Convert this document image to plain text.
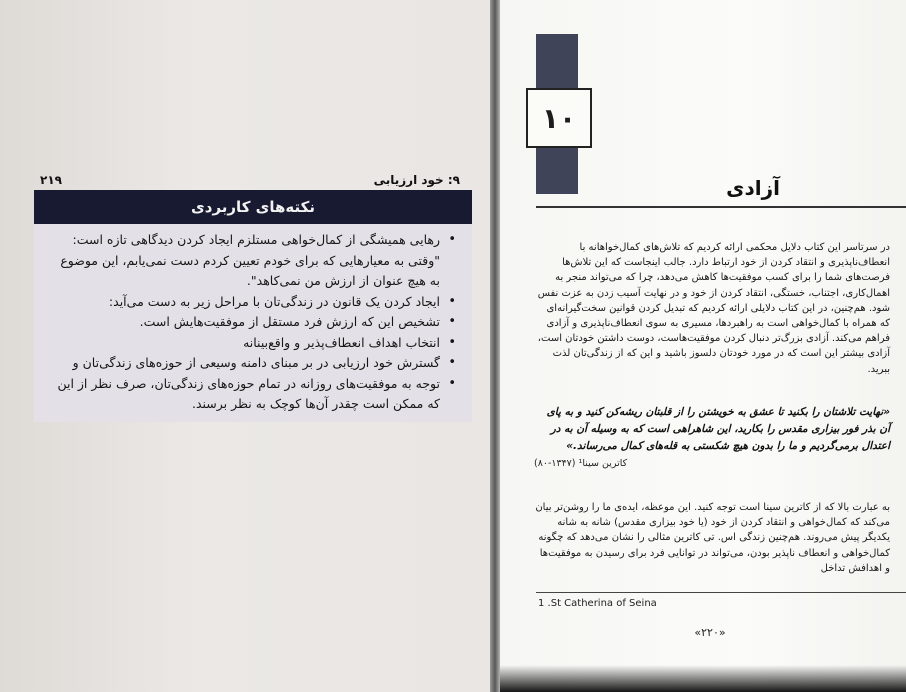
۲۱۹	۹: خود ارزیابی
نکته‌های کاربردی
• رهایی همیشگی از کمال‌خواهی مستلزم ایجاد کردن دیدگاهی تازه است: "وقتی به معیارهایی که برای خودم تعیین کردم دست نمی‌یابم، این موضوع به هیچ عنوان از ارزش من نمی‌کاهد".
• ایجاد کردن یک قانون در زندگی‌تان با مراحل زیر به دست می‌آید:
• تشخیص این که ارزش فرد مستقل از موفقیت‌هایش است.
• انتخاب اهداف انعطاف‌پذیر و واقع‌بینانه
• گسترش خود ارزیابی در بر مبنای دامنه وسیعی از حوزه‌های زندگی‌تان و
• توجه به موفقیت‌های روزانه در تمام حوزه‌های زندگی‌تان، صرف نظر از این که ممکن است چقدر آن‌ها کوچک به نظر برسند.
۱۰
آزادی

در سرتاسر این کتاب دلایل محکمی ارائه کردیم که تلاش‌های کمال‌خواهانه با انعطاف‌ناپذیری و انتقاد کردن از خود ارتباط دارد. جالب اینجاست که این تلاش‌ها فرصت‌های شما را برای کسب موفقیت‌ها کاهش می‌دهد، چرا که می‌تواند منجر به اهمال‌کاری، اجتناب، خستگی، انتقاد کردن از خود و در نهایت آسیب زدن به عزت نفس شود. هم‌چنین، در این کتاب دلایلی ارائه کردیم که تبدیل کردن قوانین سخت‌گیرانه‌ای که همراه با کمال‌خواهی است به راهبردها، مسیری به سوی انعطاف‌ناپذیری و آزادی فراهم می‌کند. آزادی بزرگ‌تر دنبال کردن موفقیت‌هاست، دوست داشتن خودتان است، آزادی بیشتر این است که در مورد خودتان دلسوز باشید و این که از زندگی‌تان لذت ببرید.

«نهایت تلاشتان را بکنید تا عشق به خویشتن را از قلبتان ریشه‌کن کنید و به پای آن بذر فور بیزاری مقدس را بکارید، این شاهراهی است که به وسیله آن به در اعتدال برمی‌گردیم و ما را بدون هیچ شکستی به قله‌های کمال می‌رساند.»

کاترین سینا¹ (۱۳۴۷-۸۰)

به عبارت بالا که از کاترین سینا است توجه کنید. این موعظه، ایده‌ی ما را روشن‌تر بیان می‌کند که کمال‌خواهی و انتقاد کردن از خود (یا خود بیزاری مقدس) شانه به شانه یکدیگر پیش می‌روند. هم‌چنین زندگی اس. تی کاترین مثالی را نشان می‌دهد که چگونه کمال‌خواهی و انعطاف ناپذیر بودن، می‌تواند در توانایی فرد برای رسیدن به موفقیت‌ها و اهدافش تداخل

1 .St Catherina of Seina
«۲۲۰»
